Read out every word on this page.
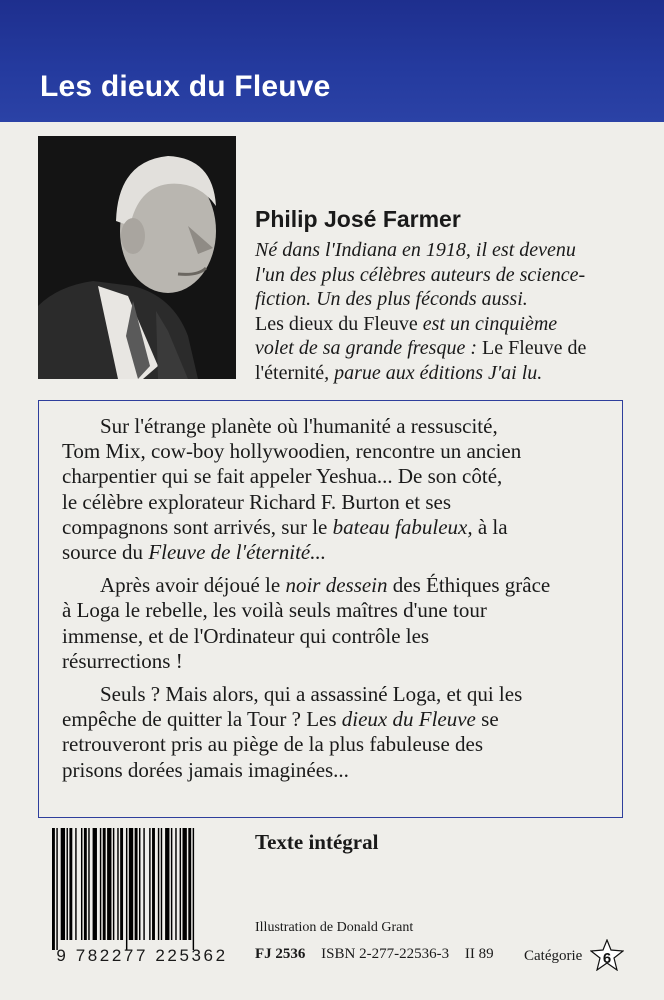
Les dieux du Fleuve
Philip José Farmer
Né dans l'Indiana en 1918, il est devenu
l'un des plus célèbres auteurs de science-
fiction. Un des plus féconds aussi.
Les dieux du Fleuve est un cinquième
volet de sa grande fresque : Le Fleuve de
l'éternité, parue aux éditions J'ai lu.

Sur l'étrange planète où l'humanité a ressuscité,
Tom Mix, cow-boy hollywoodien, rencontre un ancien
charpentier qui se fait appeler Yeshua... De son côté,
le célèbre explorateur Richard F. Burton et ses
compagnons sont arrivés, sur le bateau fabuleux, à la
source du Fleuve de l'éternité...

Après avoir déjoué le noir dessein des Éthiques grâce
à Loga le rebelle, les voilà seuls maîtres d'une tour
immense, et de l'Ordinateur qui contrôle les
résurrections !

Seuls ? Mais alors, qui a assassiné Loga, et qui les
empêche de quitter la Tour ? Les dieux du Fleuve se
retrouveront pris au piège de la plus fabuleuse des
prisons dorées jamais imaginées...

9 782277 225362
Texte intégral
Illustration de Donald Grant
FJ 2536 ISBN 2-277-22536-3 II 89	Catégorie 6
